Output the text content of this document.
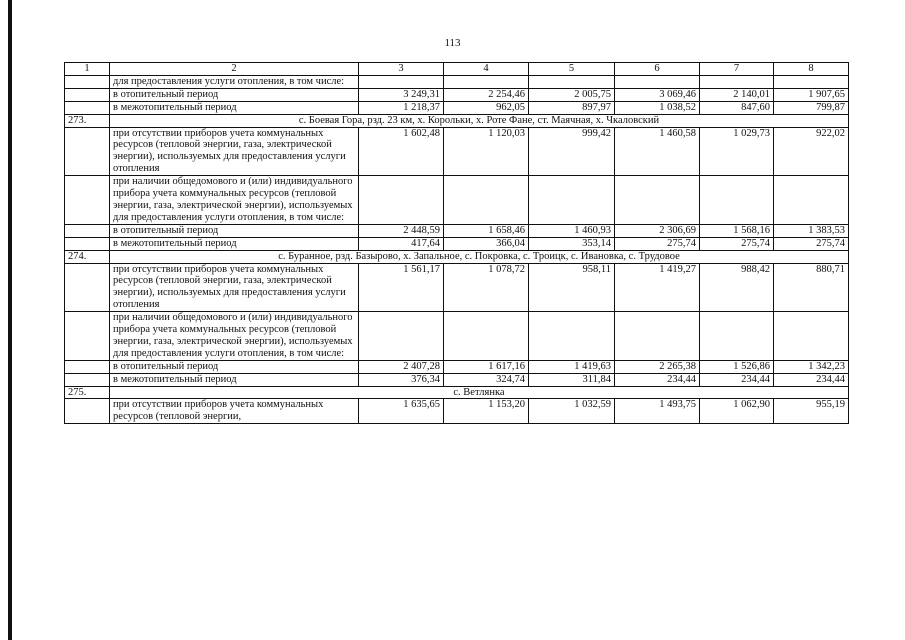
113
1	2	3	4	5	6	7	8
	для предоставления услуги отопления, в том числе:						
	в отопительный период	3 249,31	2 254,46	2 005,75	3 069,46	2 140,01	1 907,65
	в межотопительный период	1 218,37	962,05	897,97	1 038,52	847,60	799,87
273.	с. Боевая Гора, рзд. 23 км, х. Корольки, х. Роте Фане, ст. Маячная, х. Чкаловский						
	при отсутствии приборов учета коммунальных ресурсов (тепловой энергии, газа, электрической энергии), используемых для предоставления услуги отопления	1 602,48	1 120,03	999,42	1 460,58	1 029,73	922,02
	при наличии общедомового и (или) индивидуального прибора учета коммунальных ресурсов (тепловой энергии, газа, электрической энергии), используемых для предоставления услуги отопления, в том числе:						
	в отопительный период	2 448,59	1 658,46	1 460,93	2 306,69	1 568,16	1 383,53
	в межотопительный период	417,64	366,04	353,14	275,74	275,74	275,74
274.	с. Буранное, рзд. Базырово, х. Запальное, с. Покровка, с. Троицк, с. Ивановка, с. Трудовое						
	при отсутствии приборов учета коммунальных ресурсов (тепловой энергии, газа, электрической энергии), используемых для предоставления услуги отопления	1 561,17	1 078,72	958,11	1 419,27	988,42	880,71
	при наличии общедомового и (или) индивидуального прибора учета коммунальных ресурсов (тепловой энергии, газа, электрической энергии), используемых для предоставления услуги отопления, в том числе:						
	в отопительный период	2 407,28	1 617,16	1 419,63	2 265,38	1 526,86	1 342,23
	в межотопительный период	376,34	324,74	311,84	234,44	234,44	234,44
275.	с. Ветлянка						
	при отсутствии приборов учета коммунальных ресурсов (тепловой энергии,	1 635,65	1 153,20	1 032,59	1 493,75	1 062,90	955,19
